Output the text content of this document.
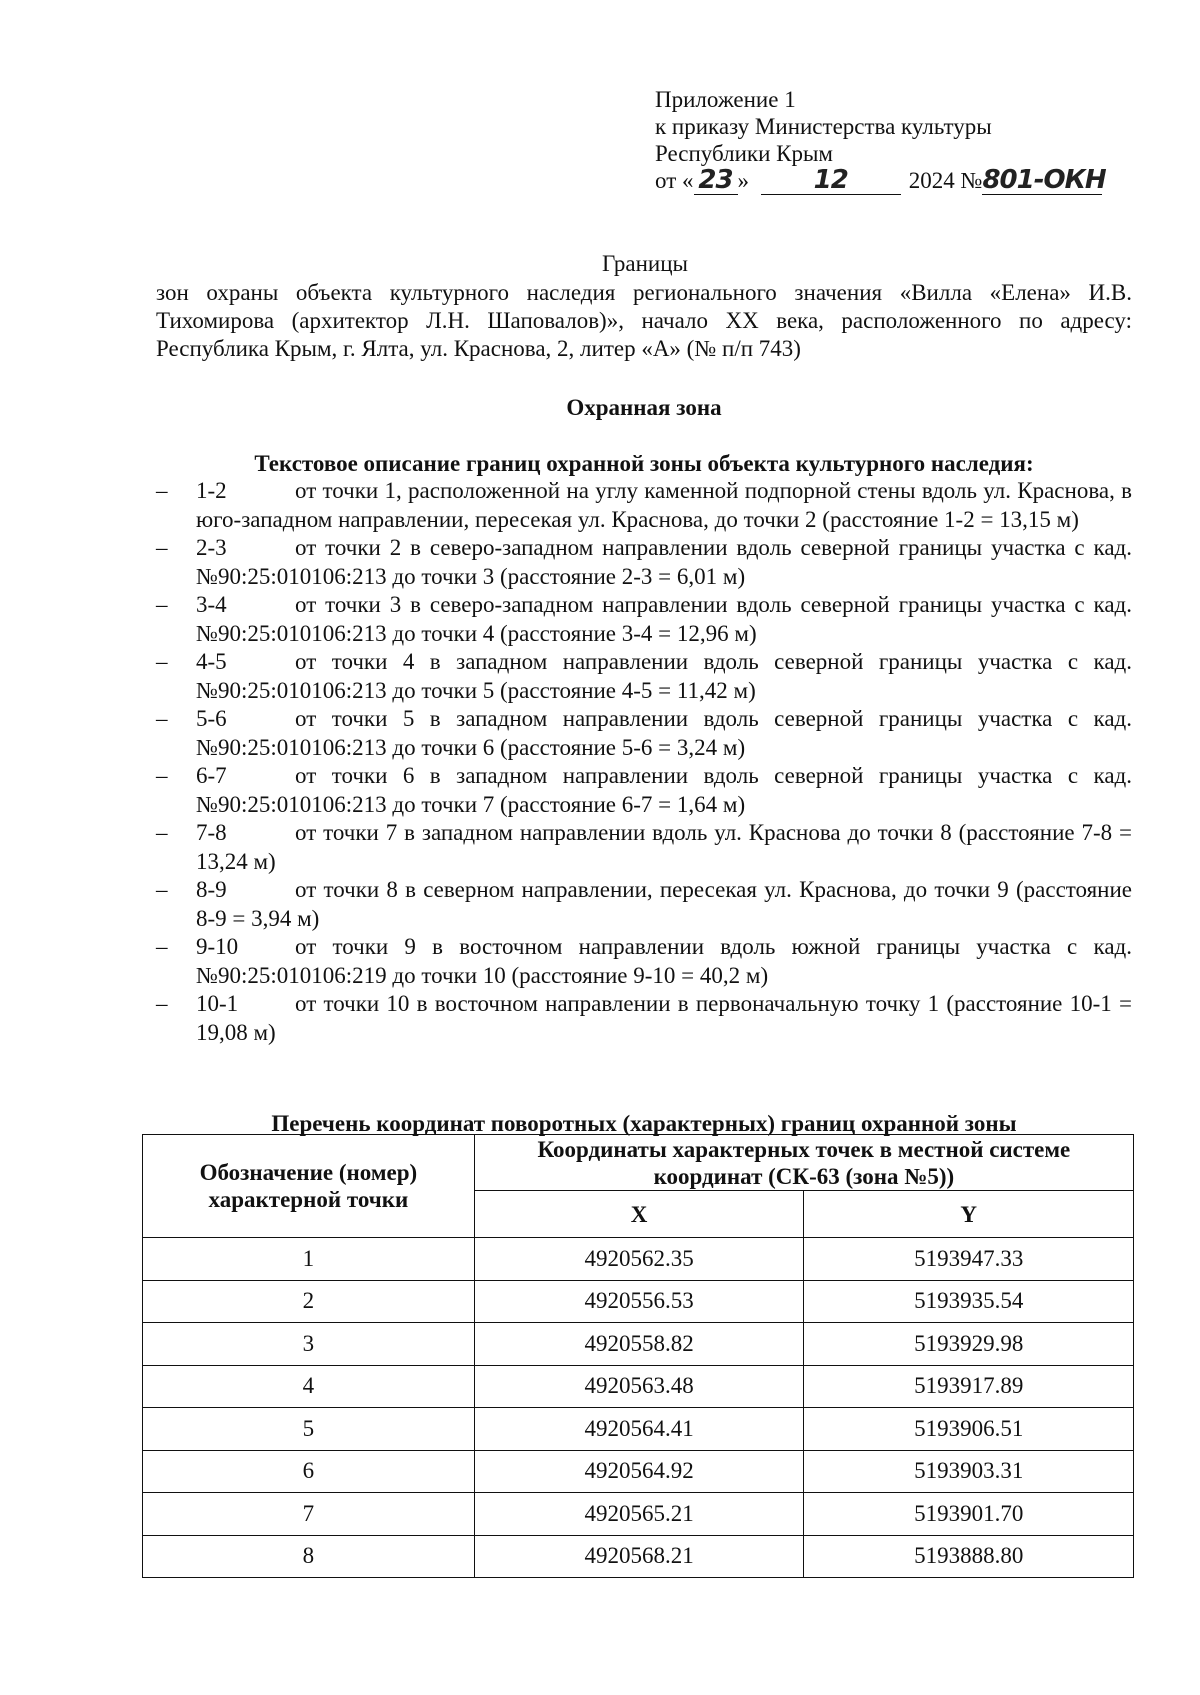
Приложение 1
к приказу Министерства культуры
Республики Крым
от « 23 » 12	2024 №801-ОКН
Границы
зон охраны объекта культурного наследия регионального значения «Вилла «Елена» И.В. Тихомирова (архитектор Л.Н. Шаповалов)», начало XX века, расположенного по адресу: Республика Крым, г. Ялта, ул. Краснова, 2, литер «А» (№ п/п 743)
Охранная зона
Текстовое описание границ охранной зоны объекта культурного наследия:
– 1-2	от точки 1, расположенной на углу каменной подпорной стены вдоль ул. Краснова, в юго-западном направлении, пересекая ул. Краснова, до точки 2 (расстояние 1-2 = 13,15 м)
– 2-3	от точки 2 в северо-западном направлении вдоль северной границы участка с кад. №90:25:010106:213 до точки 3 (расстояние 2-3 = 6,01 м)
– 3-4	от точки 3 в северо-западном направлении вдоль северной границы участка с кад. №90:25:010106:213 до точки 4 (расстояние 3-4 = 12,96 м)
– 4-5	от точки 4 в западном направлении вдоль северной границы участка с кад. №90:25:010106:213 до точки 5 (расстояние 4-5 = 11,42 м)
– 5-6	от точки 5 в западном направлении вдоль северной границы участка с кад. №90:25:010106:213 до точки 6 (расстояние 5-6 = 3,24 м)
– 6-7	от точки 6 в западном направлении вдоль северной границы участка с кад. №90:25:010106:213 до точки 7 (расстояние 6-7 = 1,64 м)
– 7-8	от точки 7 в западном направлении вдоль ул. Краснова до точки 8 (расстояние 7-8 = 13,24 м)
– 8-9	от точки 8 в северном направлении, пересекая ул. Краснова, до точки 9 (расстояние 8-9 = 3,94 м)
– 9-10 от точки 9 в восточном направлении вдоль южной границы участка с кад. №90:25:010106:219 до точки 10 (расстояние 9-10 = 40,2 м)
– 10-1 от точки 10 в восточном направлении в первоначальную точку 1 (расстояние 10-1 = 19,08 м)
Перечень координат поворотных (характерных) границ охранной зоны
Обозначение (номер) характерной точки	Координаты характерных точек в местной системе координат (СК-63 (зона №5))	
	X	Y
1	4920562.35	5193947.33
2	4920556.53	5193935.54
3	4920558.82	5193929.98
4	4920563.48	5193917.89
5	4920564.41	5193906.51
6	4920564.92	5193903.31
7	4920565.21	5193901.70
8	4920568.21	5193888.80
